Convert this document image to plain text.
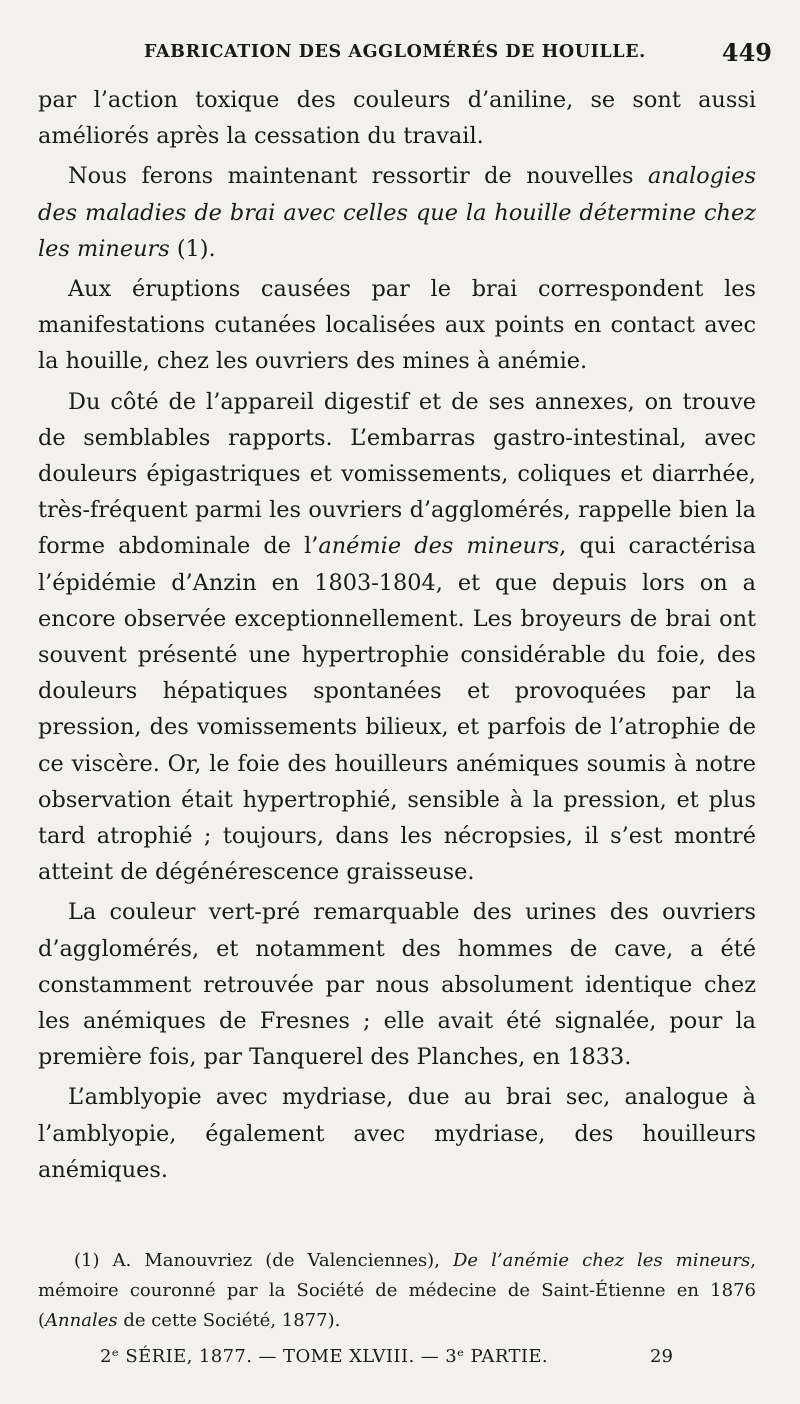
FABRICATION DES AGGLOMÉRÉS DE HOUILLE.	449

par l’action toxique des couleurs d’aniline, se sont aussi améliorés après la cessation du travail.

Nous ferons maintenant ressortir de nouvelles analogies des maladies de brai avec celles que la houille détermine chez les mineurs (1).

Aux éruptions causées par le brai correspondent les manifestations cutanées localisées aux points en contact avec la houille, chez les ouvriers des mines à anémie.

Du côté de l’appareil digestif et de ses annexes, on trouve de semblables rapports. L’embarras gastro-intestinal, avec douleurs épigastriques et vomissements, coliques et diarrhée, très-fréquent parmi les ouvriers d’agglomérés, rappelle bien la forme abdominale de l’anémie des mineurs, qui caractérisa l’épidémie d’Anzin en 1803-1804, et que depuis lors on a encore observée exceptionnellement. Les broyeurs de brai ont souvent présenté une hypertrophie considérable du foie, des douleurs hépatiques spontanées et provoquées par la pression, des vomissements bilieux, et parfois de l’atrophie de ce viscère. Or, le foie des houilleurs anémiques soumis à notre observation était hypertrophié, sensible à la pression, et plus tard atrophié ; toujours, dans les nécropsies, il s’est montré atteint de dégénérescence graisseuse.

La couleur vert-pré remarquable des urines des ouvriers d’agglomérés, et notamment des hommes de cave, a été constamment retrouvée par nous absolument identique chez les anémiques de Fresnes ; elle avait été signalée, pour la première fois, par Tanquerel des Planches, en 1833.

L’amblyopie avec mydriase, due au brai sec, analogue à l’amblyopie, également avec mydriase, des houilleurs anémiques.

(1) A. Manouvriez (de Valenciennes), De l’anémie chez les mineurs, mémoire couronné par la Société de médecine de Saint-Étienne en 1876 (Annales de cette Société, 1877).
2ᵉ SÉRIE, 1877. — TOME XLVIII. — 3ᵉ PARTIE.	29
